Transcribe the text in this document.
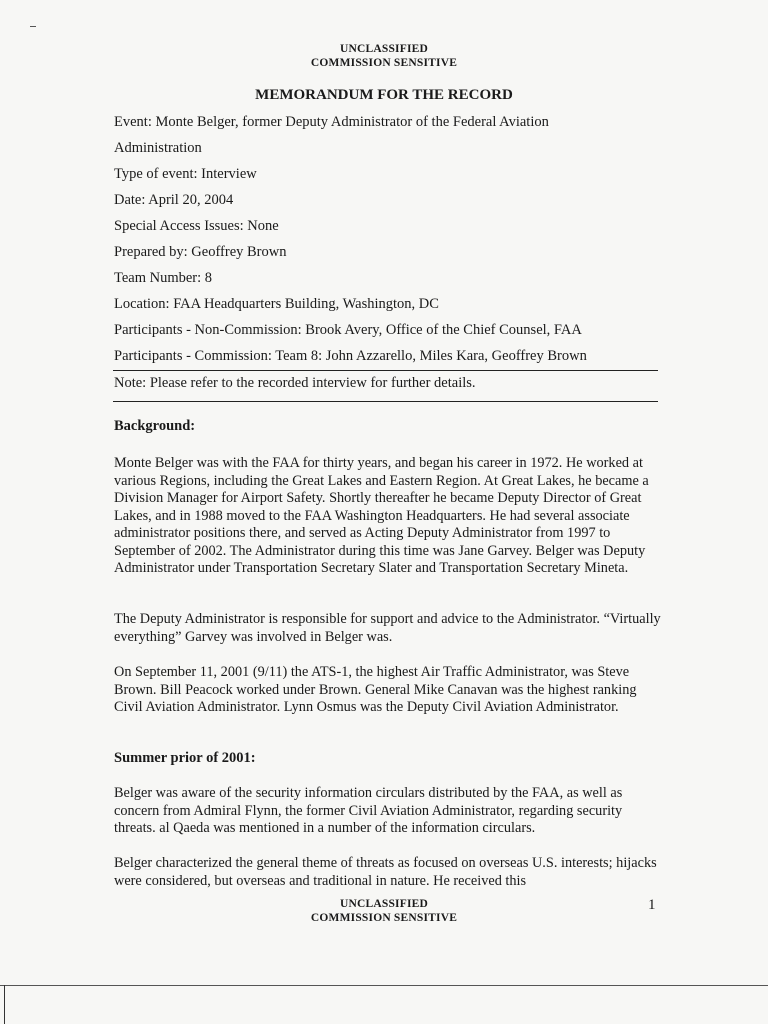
UNCLASSIFIED
COMMISSION SENSITIVE
MEMORANDUM FOR THE RECORD
Event: Monte Belger, former Deputy Administrator of the Federal Aviation
Administration
Type of event: Interview
Date: April 20, 2004
Special Access Issues: None
Prepared by: Geoffrey Brown
Team Number: 8
Location: FAA Headquarters Building, Washington, DC
Participants - Non-Commission: Brook Avery, Office of the Chief Counsel, FAA
Participants - Commission: Team 8: John Azzarello, Miles Kara, Geoffrey Brown
Note: Please refer to the recorded interview for further details.
Background:
Monte Belger was with the FAA for thirty years, and began his career in 1972. He worked at various Regions, including the Great Lakes and Eastern Region. At Great Lakes, he became a Division Manager for Airport Safety. Shortly thereafter he became Deputy Director of Great Lakes, and in 1988 moved to the FAA Washington Headquarters. He had several associate administrator positions there, and served as Acting Deputy Administrator from 1997 to September of 2002. The Administrator during this time was Jane Garvey. Belger was Deputy Administrator under Transportation Secretary Slater and Transportation Secretary Mineta.
The Deputy Administrator is responsible for support and advice to the Administrator. “Virtually everything” Garvey was involved in Belger was.
On September 11, 2001 (9/11) the ATS-1, the highest Air Traffic Administrator, was Steve Brown. Bill Peacock worked under Brown. General Mike Canavan was the highest ranking Civil Aviation Administrator. Lynn Osmus was the Deputy Civil Aviation Administrator.
Summer prior of 2001:
Belger was aware of the security information circulars distributed by the FAA, as well as concern from Admiral Flynn, the former Civil Aviation Administrator, regarding security threats. al Qaeda was mentioned in a number of the information circulars.
Belger characterized the general theme of threats as focused on overseas U.S. interests; hijacks were considered, but overseas and traditional in nature. He received this
UNCLASSIFIED
COMMISSION SENSITIVE
1
